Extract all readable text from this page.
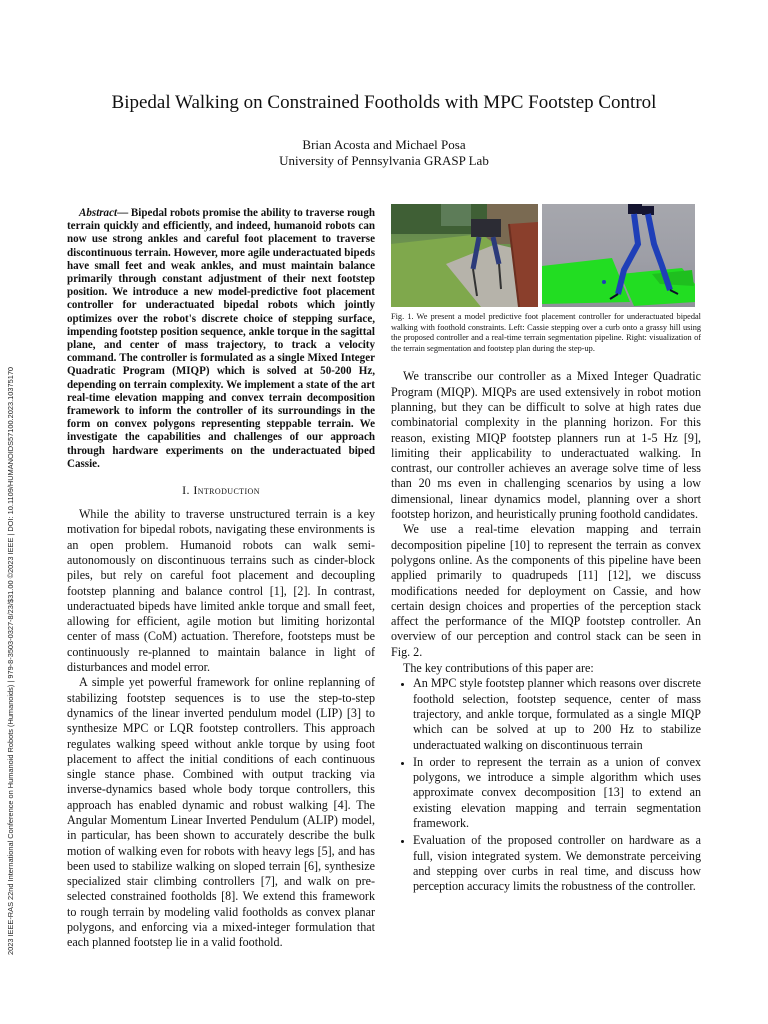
2023 IEEE-RAS 22nd International Conference on Humanoid Robots (Humanoids) | 979-8-3503-0327-8/23/$31.00 ©2023 IEEE | DOI: 10.1109/HUMANOIDS57100.2023.10375170
Bipedal Walking on Constrained Footholds with MPC Footstep Control
Brian Acosta and Michael Posa
University of Pennsylvania GRASP Lab

Abstract— Bipedal robots promise the ability to traverse rough terrain quickly and efficiently, and indeed, humanoid robots can now use strong ankles and careful foot placement to traverse discontinuous terrain. However, more agile underactuated bipeds have small feet and weak ankles, and must maintain balance primarily through constant adjustment of their next footstep position. We introduce a new model-predictive foot placement controller for underactuated bipedal robots which jointly optimizes over the robot's discrete choice of stepping surface, impending footstep position sequence, ankle torque in the sagittal plane, and center of mass trajectory, to track a velocity command. The controller is formulated as a single Mixed Integer Quadratic Program (MIQP) which is solved at 50-200 Hz, depending on terrain complexity. We implement a state of the art real-time elevation mapping and convex terrain decomposition framework to inform the controller of its surroundings in the form on convex polygons representing steppable terrain. We investigate the capabilities and challenges of our approach through hardware experiments on the underactuated biped Cassie.

I. Introduction

While the ability to traverse unstructured terrain is a key motivation for bipedal robots, navigating these environments is an open problem. Humanoid robots can walk semi-autonomously on discontinuous terrains such as cinder-block piles, but rely on careful foot placement and decoupling footstep planning and balance control [1], [2]. In contrast, underactuated bipeds have limited ankle torque and small feet, allowing for efficient, agile motion but limiting horizontal center of mass (CoM) actuation. Therefore, footsteps must be continuously re-planned to maintain balance in light of disturbances and model error.

A simple yet powerful framework for online replanning of stabilizing footstep sequences is to use the step-to-step dynamics of the linear inverted pendulum model (LIP) [3] to synthesize MPC or LQR footstep controllers. This approach regulates walking speed without ankle torque by using foot placement to affect the initial conditions of each continuous single stance phase. Combined with output tracking via inverse-dynamics based whole body torque controllers, this approach has enabled dynamic and robust walking [4]. The Angular Momentum Linear Inverted Pendulum (ALIP) model, in particular, has been shown to accurately describe the bulk motion of walking even for robots with heavy legs [5], and has been used to stabilize walking on sloped terrain [6], synthesize specialized stair climbing controllers [7], and walk on pre-selected constrained footholds [8]. We extend this framework to rough terrain by modeling valid footholds as convex planar polygons, and enforcing via a mixed-integer formulation that each planned footstep lie in a valid foothold.

Fig. 1. We present a model predictive foot placement controller for underactuated bipedal walking with foothold constraints. Left: Cassie stepping over a curb onto a grassy hill using the proposed controller and a real-time terrain segmentation pipeline. Right: visualization of the terrain segmentation and footstep plan during the step-up.

We transcribe our controller as a Mixed Integer Quadratic Program (MIQP). MIQPs are used extensively in robot motion planning, but they can be difficult to solve at high rates due combinatorial complexity in the planning horizon. For this reason, existing MIQP footstep planners run at 1-5 Hz [9], limiting their applicability to underactuated walking. In contrast, our controller achieves an average solve time of less than 20 ms even in challenging scenarios by using a low dimensional, linear dynamics model, planning over a short footstep horizon, and heuristically pruning foothold candidates.

We use a real-time elevation mapping and terrain decomposition pipeline [10] to represent the terrain as convex polygons online. As the components of this pipeline have been applied primarily to quadrupeds [11] [12], we discuss modifications needed for deployment on Cassie, and how certain design choices and properties of the perception stack affect the performance of the MIQP footstep controller. An overview of our perception and control stack can be seen in Fig. 2.

The key contributions of this paper are:

• An MPC style footstep planner which reasons over discrete foothold selection, footstep sequence, center of mass trajectory, and ankle torque, formulated as a single MIQP which can be solved at up to 200 Hz to stabilize underactuated walking on discontinuous terrain
• In order to represent the terrain as a union of convex polygons, we introduce a simple algorithm which uses approximate convex decomposition [13] to extend an existing elevation mapping and terrain segmentation framework.
• Evaluation of the proposed controller on hardware as a full, vision integrated system. We demonstrate perceiving and stepping over curbs in real time, and discuss how perception accuracy limits the robustness of the controller.
